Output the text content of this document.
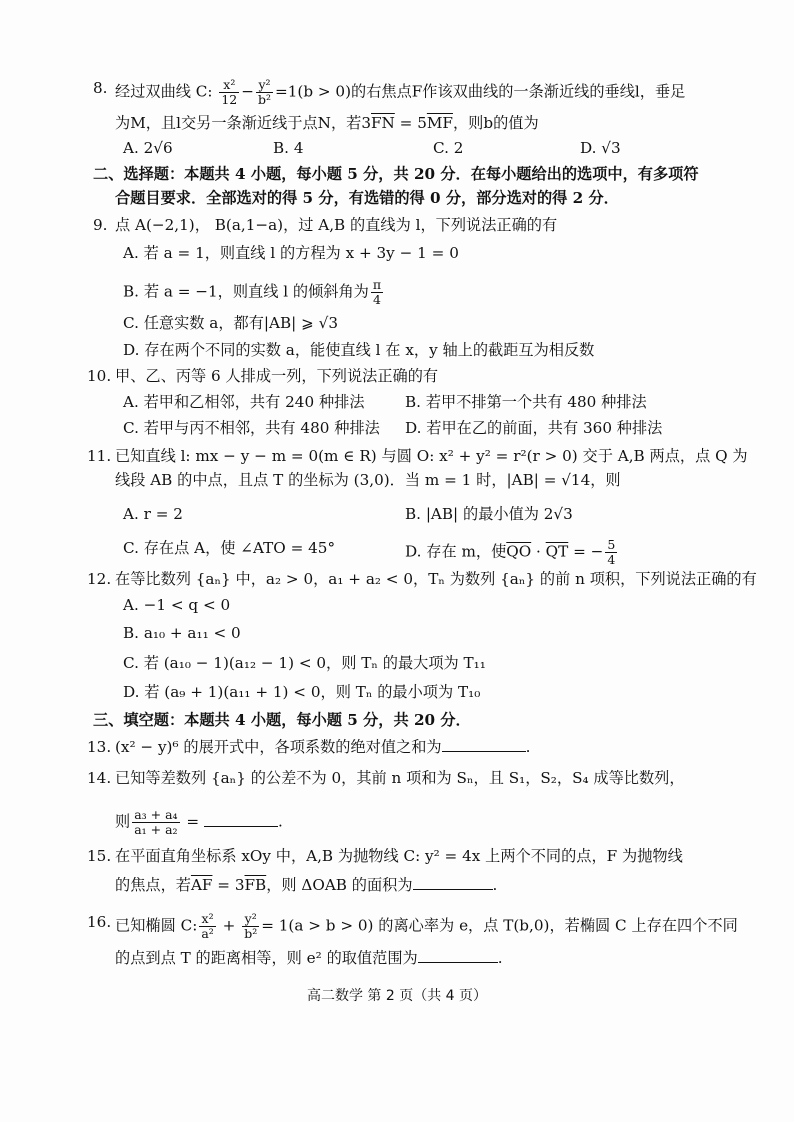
8. 经过双曲线 C: $\frac{\text{x²}}{12} - \frac{\text{y²}}{\text{b²}} =1(b > 0)$的右焦点F作该双曲线的一条渐近线的垂线l，垂足
为M，且l交另一条渐近线于点N，若$3\overline{FN} = 5\overline{MF}$，则b的值为
A. 2√6	B. 4	C. 2	D. √3
二、选择题：本题共 4 小题，每小题 5 分，共 20 分．在每小题给出的选项中，有多项符
合题目要求．全部选对的得 5 分，有选错的得 0 分，部分选对的得 2 分．
9. 点 A(−2,1)， B(a,1−a)，过 A,B 的直线为 l，下列说法正确的有
A. 若 a = 1，则直线 l 的方程为 x + 3y − 1 = 0
B. 若 a = −1，则直线 l 的倾斜角为 $\frac{\pi}{4}$
C. 任意实数 a，都有|AB| ⩾ √3
D. 存在两个不同的实数 a，能使直线 l 在 x，y 轴上的截距互为相反数
10. 甲、乙、丙等 6 人排成一列，下列说法正确的有
A. 若甲和乙相邻，共有 240 种排法	B. 若甲不排第一个共有 480 种排法
C. 若甲与丙不相邻，共有 480 种排法 D. 若甲在乙的前面，共有 360 种排法
11. 已知直线 l: mx − y − m = 0(m ∈ R) 与圆 O: x² + y² = r²(r > 0) 交于 A,B 两点，点 Q 为
线段 AB 的中点，且点 T 的坐标为 (3,0)．当 m = 1 时，|AB| = √14，则
A. r = 2	B. |AB| 的最小值为 2√3
C. 存在点 A，使 ∠ATO = 45°	D. 存在 m，使$\overline{QO} \cdot \overline{QT}$ = − $\frac{5}{4}$
12. 在等比数列 {aₙ} 中，a₂ > 0，a₁ + a₂ < 0，Tₙ 为数列 {aₙ} 的前 n 项积，下列说法正确的有
A. −1 < q < 0
B. a₁₀ + a₁₁ < 0
C. 若 (a₁₀ − 1)(a₁₂ − 1) < 0，则 Tₙ 的最大项为 T₁₁
D. 若 (a₉ + 1)(a₁₁ + 1) < 0，则 Tₙ 的最小项为 T₁₀
三、填空题：本题共 4 小题，每小题 5 分，共 20 分．
13. (x² − y)⁶ 的展开式中，各项系数的绝对值之和为	.
14. 已知等差数列 {aₙ} 的公差不为 0，其前 n 项和为 Sₙ，且 S₁，S₂，S₄ 成等比数列，
则 $\frac{\text{a₃ + a₄}}{\text{a₁ + a₂}}$ =	.
15. 在平面直角坐标系 xOy 中，A,B 为抛物线 C: y² = 4x 上两个不同的点，F 为抛物线
的焦点，若$\overline{AF} = 3\overline{FB}$，则 ΔOAB 的面积为	.
16. 已知椭圆 C: $\frac{\text{x²}}{\text{a²}} + \frac{\text{y²}}{\text{b²}} = 1(a > b > 0)$ 的离心率为 e，点 T(b,0)，若椭圆 C 上存在四个不同
的点到点 T 的距离相等，则 e² 的取值范围为	.
高二数学 第 2 页（共 4 页）
